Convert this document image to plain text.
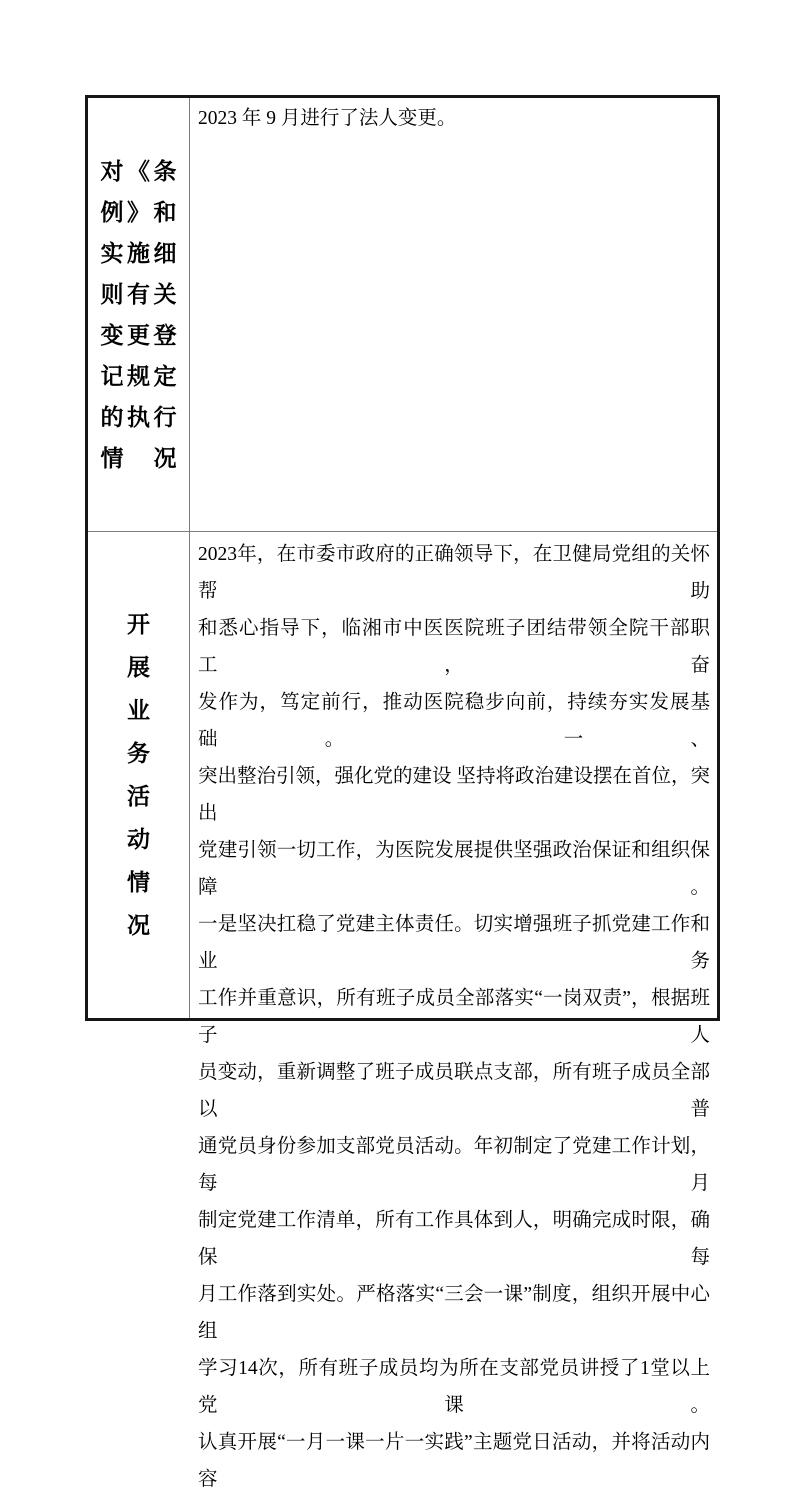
对《条
例》和
实施细
则有关
变更登
记规定
的执行
情况
2023 年 9 月进行了法人变更。
开
展
业
务
活
动
情
况
2023年，在市委市政府的正确领导下，在卫健局党组的关怀帮助
和悉心指导下，临湘市中医医院班子团结带领全院干部职工，奋
发作为，笃定前行，推动医院稳步向前，持续夯实发展基础。 一、
突出整治引领，强化党的建设 坚持将政治建设摆在首位，突出
党建引领一切工作，为医院发展提供坚强政治保证和组织保障。
一是坚决扛稳了党建主体责任。切实增强班子抓党建工作和业务
工作并重意识，所有班子成员全部落实“一岗双责”，根据班子人
员变动，重新调整了班子成员联点支部，所有班子成员全部以普
通党员身份参加支部党员活动。年初制定了党建工作计划，每月
制定党建工作清单，所有工作具体到人，明确完成时限，确保每
月工作落到实处。严格落实“三会一课”制度，组织开展中心组
学习14次，所有班子成员均为所在支部党员讲授了1堂以上党课。
认真开展“一月一课一片一实践”主题党日活动，并将活动内容
